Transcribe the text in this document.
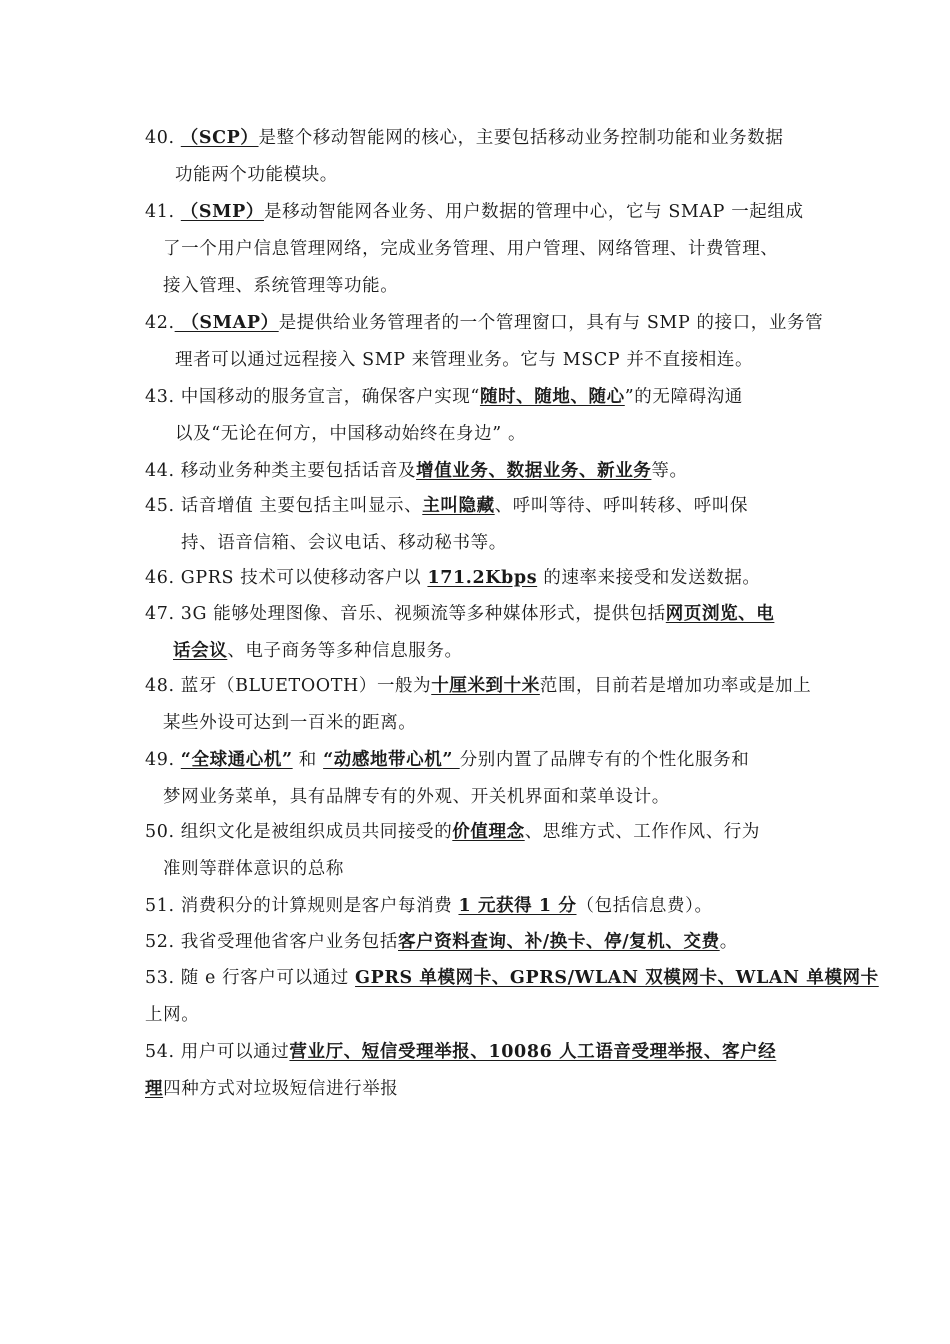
40. （SCP）是整个移动智能网的核心，主要包括移动业务控制功能和业务数据
功能两个功能模块。
41. （SMP）是移动智能网各业务、用户数据的管理中心，它与 SMAP 一起组成
了一个用户信息管理网络，完成业务管理、用户管理、网络管理、计费管理、
接入管理、系统管理等功能。
42. （SMAP）是提供给业务管理者的一个管理窗口，具有与 SMP 的接口，业务管
理者可以通过远程接入 SMP 来管理业务。它与 MSCP 并不直接相连。
43. 中国移动的服务宣言，确保客户实现“随时、随地、随心”的无障碍沟通
以及“无论在何方，中国移动始终在身边” 。
44. 移动业务种类主要包括话音及增值业务、数据业务、新业务等。
45. 话音增值 主要包括主叫显示、主叫隐藏、呼叫等待、呼叫转移、呼叫保
持、语音信箱、会议电话、移动秘书等。
46. GPRS 技术可以使移动客户以 171.2Kbps 的速率来接受和发送数据。
47. 3G 能够处理图像、音乐、视频流等多种媒体形式，提供包括网页浏览、电
话会议、电子商务等多种信息服务。
48. 蓝牙（BLUETOOTH）一般为十厘米到十米范围，目前若是增加功率或是加上
某些外设可达到一百米的距离。
49. “全球通心机” 和 “动感地带心机” 分别内置了品牌专有的个性化服务和
梦网业务菜单，具有品牌专有的外观、开关机界面和菜单设计。
50. 组织文化是被组织成员共同接受的价值理念、思维方式、工作作风、行为
准则等群体意识的总称
51. 消费积分的计算规则是客户每消费 1 元获得 1 分（包括信息费）。
52. 我省受理他省客户业务包括客户资料查询、补/换卡、停/复机、交费。
53. 随 e 行客户可以通过 GPRS 单模网卡、GPRS/WLAN 双模网卡、WLAN 单模网卡
上网。
54. 用户可以通过营业厅、短信受理举报、10086 人工语音受理举报、客户经
理四种方式对垃圾短信进行举报
